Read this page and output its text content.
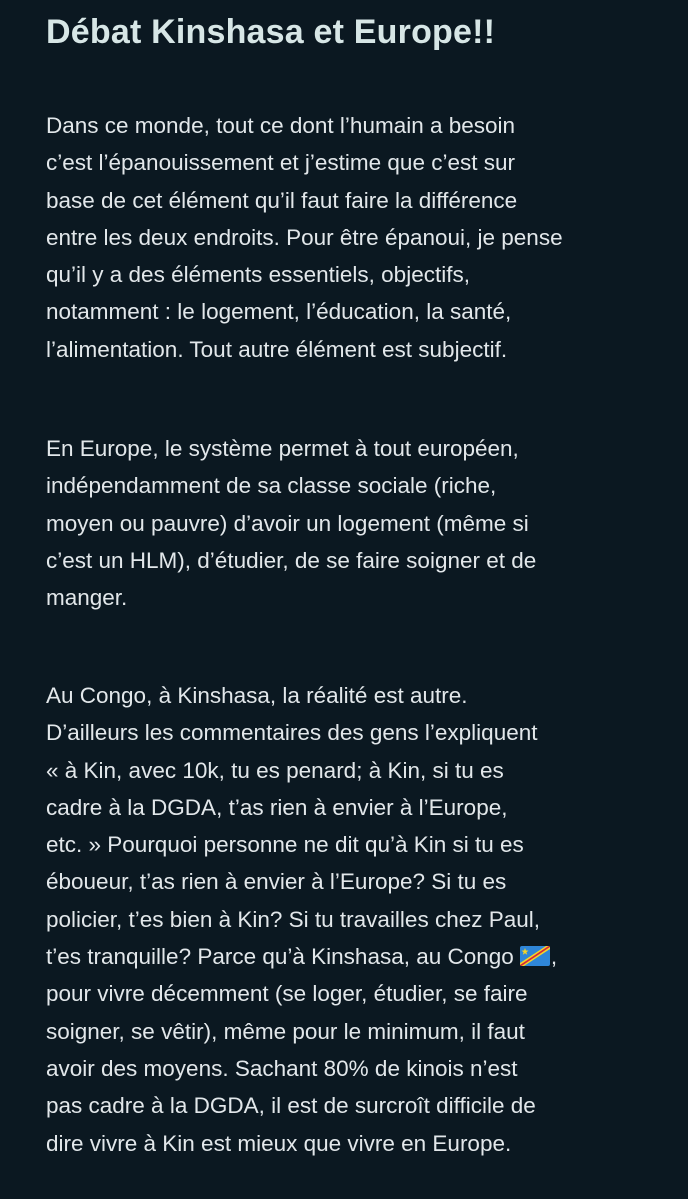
Débat Kinshasa et Europe!!

Dans ce monde, tout ce dont l’humain a besoin
c’est l’épanouissement et j’estime que c’est sur
base de cet élément qu’il faut faire la différence
entre les deux endroits. Pour être épanoui, je pense
qu’il y a des éléments essentiels, objectifs,
notamment : le logement, l’éducation, la santé,
l’alimentation. Tout autre élément est subjectif.

En Europe, le système permet à tout européen,
indépendamment de sa classe sociale (riche,
moyen ou pauvre) d’avoir un logement (même si
c’est un HLM), d’étudier, de se faire soigner et de
manger.

Au Congo, à Kinshasa, la réalité est autre.
D’ailleurs les commentaires des gens l’expliquent
« à Kin, avec 10k, tu es penard; à Kin, si tu es
cadre à la DGDA, t’as rien à envier à l’Europe,
etc. » Pourquoi personne ne dit qu’à Kin si tu es
éboueur, t’as rien à envier à l’Europe? Si tu es
policier, t’es bien à Kin? Si tu travailles chez Paul,
t’es tranquille? Parce qu’à Kinshasa, au Congo ,
pour vivre décemment (se loger, étudier, se faire
soigner, se vêtir), même pour le minimum, il faut
avoir des moyens. Sachant 80% de kinois n’est
pas cadre à la DGDA, il est de surcroît difficile de
dire vivre à Kin est mieux que vivre en Europe.
